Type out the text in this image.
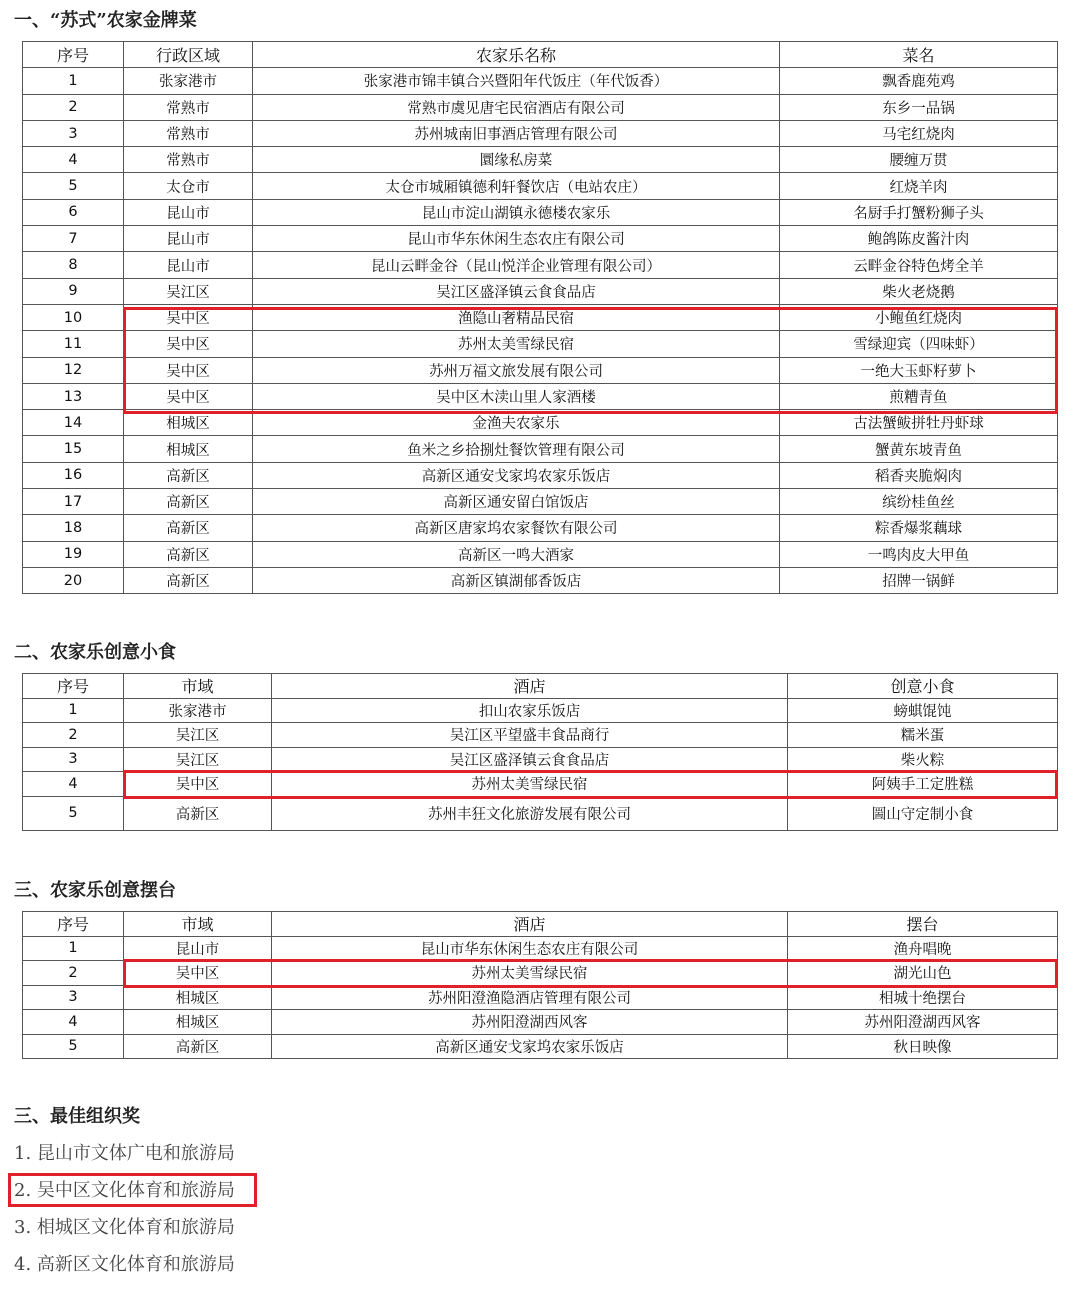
一、“苏式”农家金牌菜
序号	行政区域	农家乐名称	菜名
1	张家港市	张家港市锦丰镇合兴暨阳年代饭庄（年代饭香）	飘香鹿苑鸡
2	常熟市	常熟市虞见唐宅民宿酒店有限公司	东乡一品锅
3	常熟市	苏州城南旧事酒店管理有限公司	马宅红烧肉
4	常熟市	圜缘私房菜	腰缠万贯
5	太仓市	太仓市城厢镇德利轩餐饮店（电站农庄）	红烧羊肉
6	昆山市	昆山市淀山湖镇永德楼农家乐	名厨手打蟹粉狮子头
7	昆山市	昆山市华东休闲生态农庄有限公司	鲍鸽陈皮酱汁肉
8	昆山市	昆山云畔金谷（昆山悦洋企业管理有限公司）	云畔金谷特色烤全羊
9	吴江区	吴江区盛泽镇云食食品店	柴火老烧鹅
10	吴中区	渔隐山奢精品民宿	小鲍鱼红烧肉
11	吴中区	苏州太美雪绿民宿	雪绿迎宾（四味虾）
12	吴中区	苏州万福文旅发展有限公司	一绝大玉虾籽萝卜
13	吴中区	吴中区木渎山里人家酒楼	煎糟青鱼
14	相城区	金渔夫农家乐	古法蟹鲅拼牡丹虾球
15	相城区	鱼米之乡拾捌灶餐饮管理有限公司	蟹黄东坡青鱼
16	高新区	高新区通安戈家坞农家乐饭店	稻香夹脆焖肉
17	高新区	高新区通安留白馆饭店	缤纷桂鱼丝
18	高新区	高新区唐家坞农家餐饮有限公司	粽香爆浆藕球
19	高新区	高新区一鸣大酒家	一鸣肉皮大甲鱼
20	高新区	高新区镇湖郁香饭店	招牌一锅鲜
二、农家乐创意小食
序号	市域	酒店	创意小食
1	张家港市	扣山农家乐饭店	螃蜞馄饨
2	吴江区	吴江区平望盛丰食品商行	糯米蛋
3	吴江区	吴江区盛泽镇云食食品店	柴火粽
4	吴中区	苏州太美雪绿民宿	阿姨手工定胜糕
5	高新区	苏州丰狂文化旅游发展有限公司	圌山守定制小食
三、农家乐创意摆台
序号	市域	酒店	摆台
1	昆山市	昆山市华东休闲生态农庄有限公司	渔舟唱晚
2	吴中区	苏州太美雪绿民宿	湖光山色
3	相城区	苏州阳澄渔隐酒店管理有限公司	相城十绝摆台
4	相城区	苏州阳澄湖西风客	苏州阳澄湖西风客
5	高新区	高新区通安戈家坞农家乐饭店	秋日映像
三、最佳组织奖

1. 昆山市文体广电和旅游局

2. 吴中区文化体育和旅游局

3. 相城区文化体育和旅游局

4. 高新区文化体育和旅游局
